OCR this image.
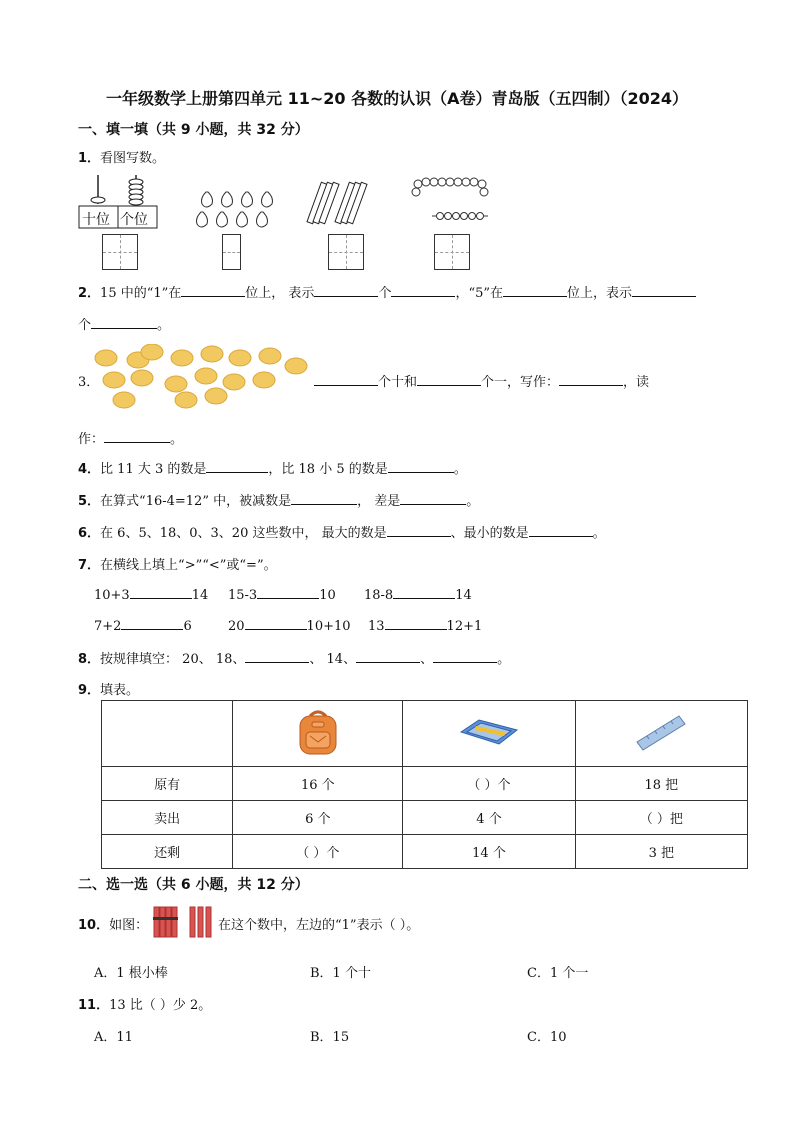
一年级数学上册第四单元 11~20 各数的认识（A卷）青岛版（五四制）（2024）
一、填一填（共 9 小题，共 32 分）
1．看图写数。
十位 个位
2．15 中的“1”在	位上， 表示	个	，“5”在	位上，表示
个	。
3．	个十和	个一，写作：	，读
作：	。
4．比 11 大 3 的数是	，比 18 小 5 的数是	。
5．在算式“16-4=12” 中，被减数是	， 差是	。
6．在 6、5、18、0、3、20 这些数中， 最大的数是	、最小的数是	。
7．在横线上填上“>”“<”或“=”。
10+3	14 15-3	10 18-8	14
7+2	6	20	10+10 13	12+1
8．按规律填空： 20、 18、	、 14、	、	。
9．填表。

原有	16 个	（ ）个	18 把
卖出	6 个	4 个	（ ）把
还剩	（ ）个	14 个	3 把
二、选一选（共 6 小题，共 12 分）
10．如图：	在这个数中，左边的“1”表示（ ）。
A．1 根小棒	B．1 个十	C．1 个一
11．13 比（ ）少 2。
A．11	B．15	C．10
